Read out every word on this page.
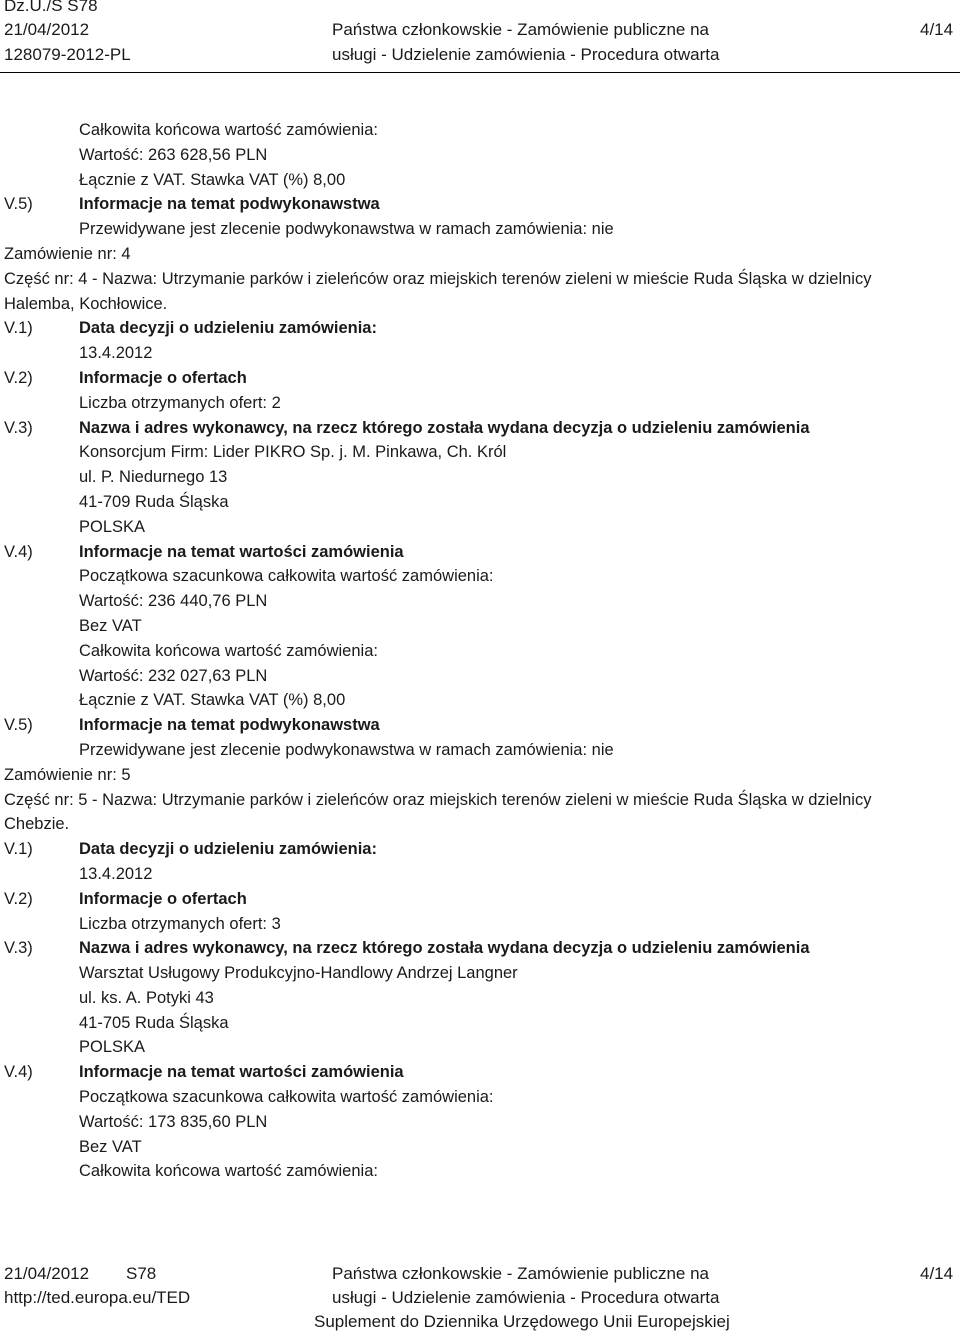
Dz.U./S S78
21/04/2012
128079-2012-PL
Państwa członkowskie - Zamówienie publiczne na
usługi - Udzielenie zamówienia - Procedura otwarta
4/14
Całkowita końcowa wartość zamówienia:
Wartość: 263 628,56 PLN
Łącznie z VAT. Stawka VAT (%) 8,00
V.5)	Informacje na temat podwykonawstwa
Przewidywane jest zlecenie podwykonawstwa w ramach zamówienia: nie
Zamówienie nr: 4
Część nr: 4 - Nazwa: Utrzymanie parków i zieleńców oraz miejskich terenów zieleni w mieście Ruda Śląska w dzielnicy
Halemba, Kochłowice.
V.1)	Data decyzji o udzieleniu zamówienia:
13.4.2012
V.2)	Informacje o ofertach
Liczba otrzymanych ofert: 2
V.3)	Nazwa i adres wykonawcy, na rzecz którego została wydana decyzja o udzieleniu zamówienia
Konsorcjum Firm: Lider PIKRO Sp. j. M. Pinkawa, Ch. Król
ul. P. Niedurnego 13
41-709 Ruda Śląska
POLSKA
V.4)	Informacje na temat wartości zamówienia
Początkowa szacunkowa całkowita wartość zamówienia:
Wartość: 236 440,76 PLN
Bez VAT
Całkowita końcowa wartość zamówienia:
Wartość: 232 027,63 PLN
Łącznie z VAT. Stawka VAT (%) 8,00
V.5)	Informacje na temat podwykonawstwa
Przewidywane jest zlecenie podwykonawstwa w ramach zamówienia: nie
Zamówienie nr: 5
Część nr: 5 - Nazwa: Utrzymanie parków i zieleńców oraz miejskich terenów zieleni w mieście Ruda Śląska w dzielnicy
Chebzie.
V.1)	Data decyzji o udzieleniu zamówienia:
13.4.2012
V.2)	Informacje o ofertach
Liczba otrzymanych ofert: 3
V.3)	Nazwa i adres wykonawcy, na rzecz którego została wydana decyzja o udzieleniu zamówienia
Warsztat Usługowy Produkcyjno-Handlowy Andrzej Langner
ul. ks. A. Potyki 43
41-705 Ruda Śląska
POLSKA
V.4)	Informacje na temat wartości zamówienia
Początkowa szacunkowa całkowita wartość zamówienia:
Wartość: 173 835,60 PLN
Bez VAT
Całkowita końcowa wartość zamówienia:
21/04/2012 S78
http://ted.europa.eu/TED
Państwa członkowskie - Zamówienie publiczne na
usługi - Udzielenie zamówienia - Procedura otwarta
Suplement do Dziennika Urzędowego Unii Europejskiej
4/14
